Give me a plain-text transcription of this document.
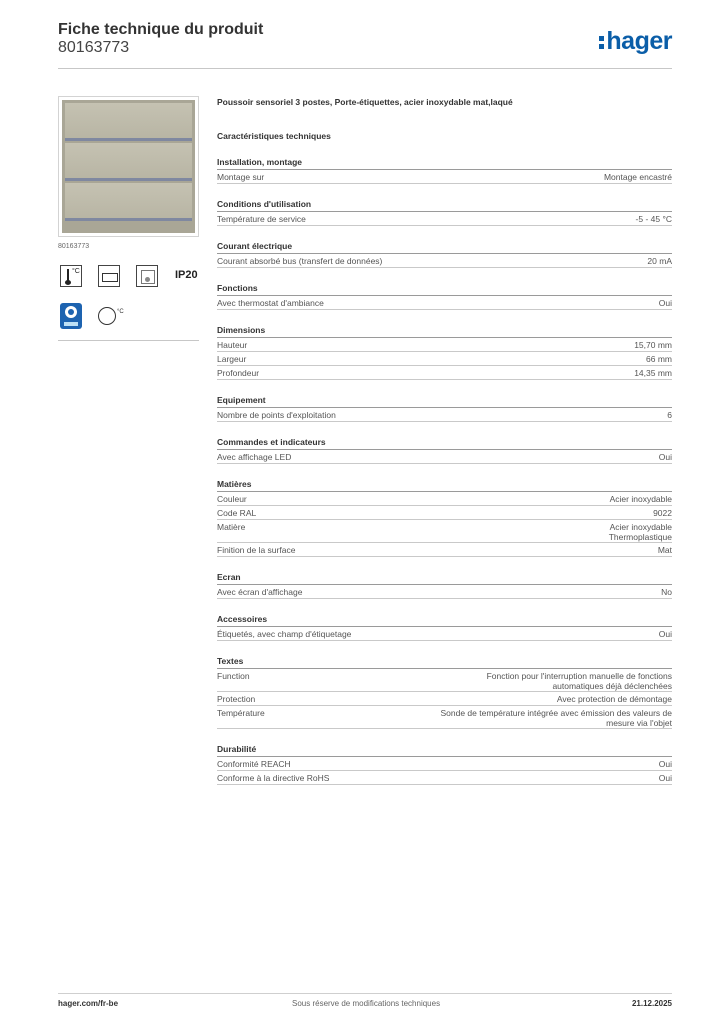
Fiche technique du produit
80163773	hager
80163773
°C	IP20
°C
Poussoir sensoriel 3 postes, Porte-étiquettes, acier inoxydable mat,laqué
Caractéristiques techniques
Installation, montage
Montage sur	Montage encastré
Conditions d'utilisation
Température de service	-5 - 45 °C
Courant électrique
Courant absorbé bus (transfert de données)	20 mA
Fonctions
Avec thermostat d'ambiance	Oui
Dimensions
Hauteur	15,70 mm
Largeur	66 mm
Profondeur	14,35 mm
Equipement
Nombre de points d'exploitation	6
Commandes et indicateurs
Avec affichage LED	Oui
Matières
Couleur	Acier inoxydable
Code RAL	9022
Matière	Acier inoxydable
Thermoplastique
Finition de la surface	Mat
Ecran
Avec écran d'affichage	No
Accessoires
Étiquetés, avec champ d'étiquetage	Oui
Textes
Function	Fonction pour l'interruption manuelle de fonctions
automatiques déjà déclenchées
Protection	Avec protection de démontage
Température	Sonde de température intégrée avec émission des valeurs de
mesure via l'objet
Durabilité
Conformité REACH	Oui
Conforme à la directive RoHS	Oui
hager.com/fr-be	Sous réserve de modifications techniques	21.12.2025
